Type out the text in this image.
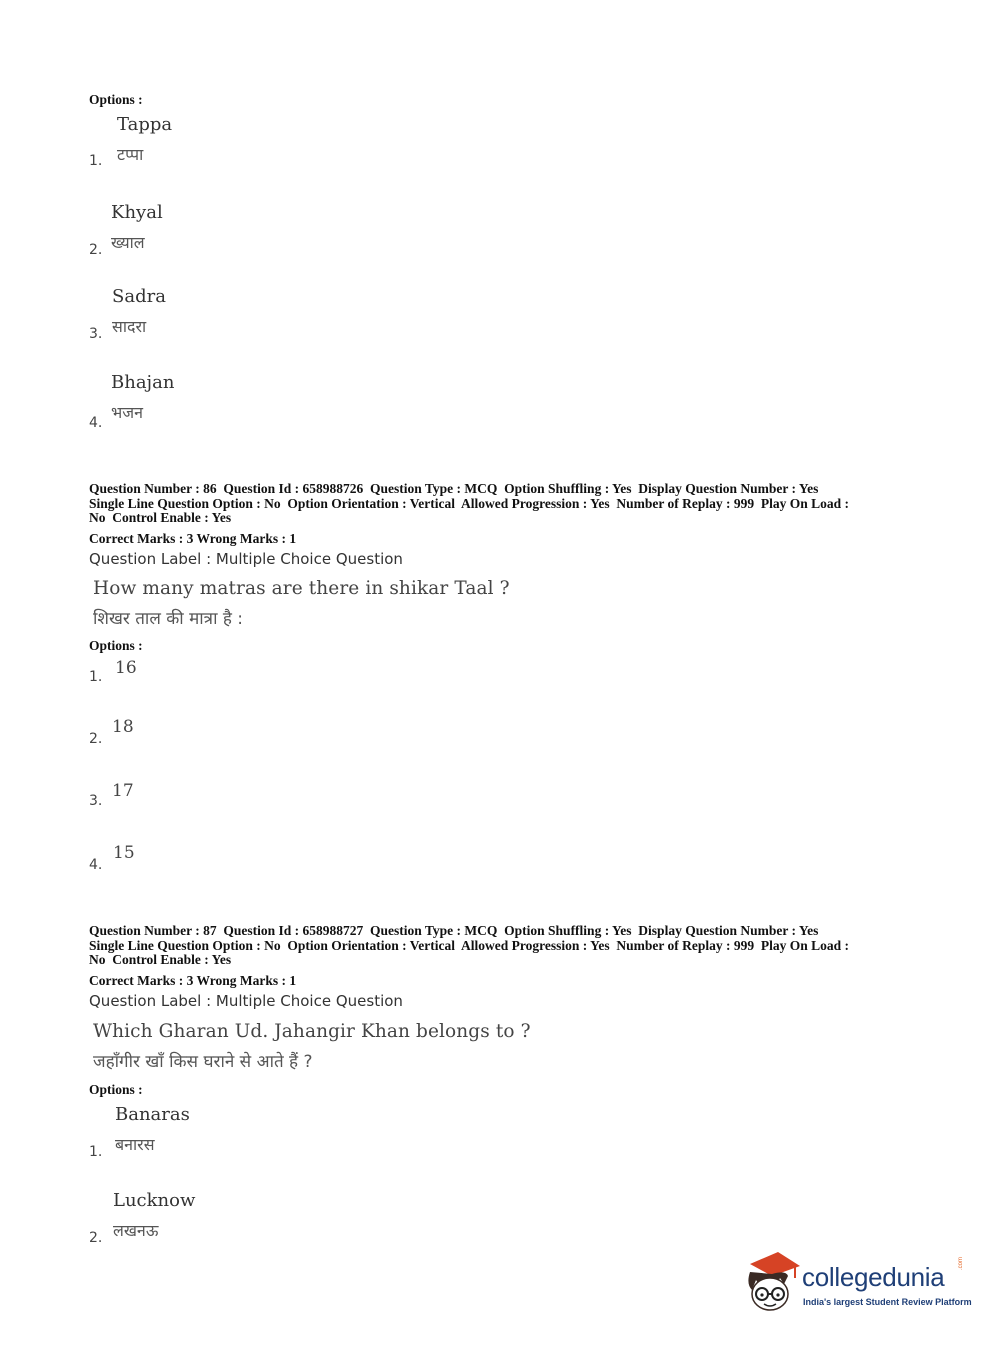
Options :
Tappa
टप्पा
1.
Khyal
ख्याल
2.
Sadra
सादरा
3.
Bhajan
भजन
4.
Question Number : 86  Question Id : 658988726  Question Type : MCQ  Option Shuffling : Yes  Display Question Number : Yes
Single Line Question Option : No  Option Orientation : Vertical  Allowed Progression : Yes  Number of Replay : 999  Play On Load :
No  Control Enable : Yes
Correct Marks : 3 Wrong Marks : 1
Question Label : Multiple Choice Question
How many matras are there in shikar Taal ?
शिखर ताल की मात्रा है :
Options :
16
1.
18
2.
17
3.
15
4.
Question Number : 87  Question Id : 658988727  Question Type : MCQ  Option Shuffling : Yes  Display Question Number : Yes
Single Line Question Option : No  Option Orientation : Vertical  Allowed Progression : Yes  Number of Replay : 999  Play On Load :
No  Control Enable : Yes
Correct Marks : 3 Wrong Marks : 1
Question Label : Multiple Choice Question
Which Gharan Ud. Jahangir Khan belongs to ?
जहाँगीर खाँ किस घराने से आते हैं ?
Options :
Banaras
बनारस
1.
Lucknow
लखनऊ
2.
collegedunia .com
India's largest Student Review Platform
